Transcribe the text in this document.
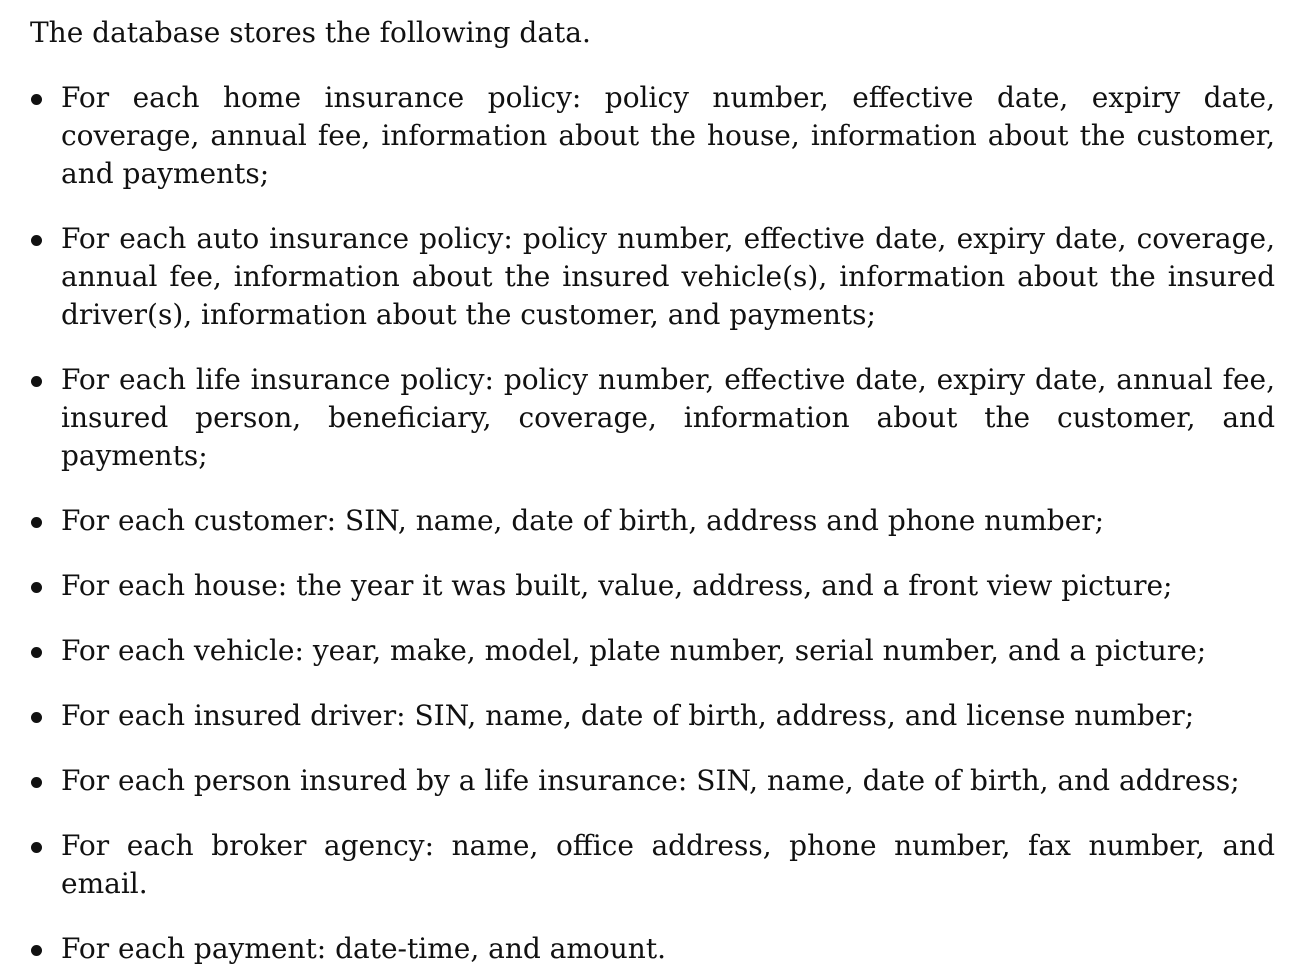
The database stores the following data.

For each home insurance policy: policy number, effective date, expiry date, coverage, annual fee, information about the house, information about the customer, and payments;
For each auto insurance policy: policy number, effective date, expiry date, coverage, annual fee, information about the insured vehicle(s), information about the insured driver(s), information about the customer, and payments;
For each life insurance policy: policy number, effective date, expiry date, annual fee, insured person, beneficiary, coverage, information about the customer, and payments;
For each customer: SIN, name, date of birth, address and phone number;
For each house: the year it was built, value, address, and a front view picture;
For each vehicle: year, make, model, plate number, serial number, and a picture;
For each insured driver: SIN, name, date of birth, address, and license number;
For each person insured by a life insurance: SIN, name, date of birth, and address;
For each broker agency: name, office address, phone number, fax number, and email.
For each payment: date-time, and amount.
